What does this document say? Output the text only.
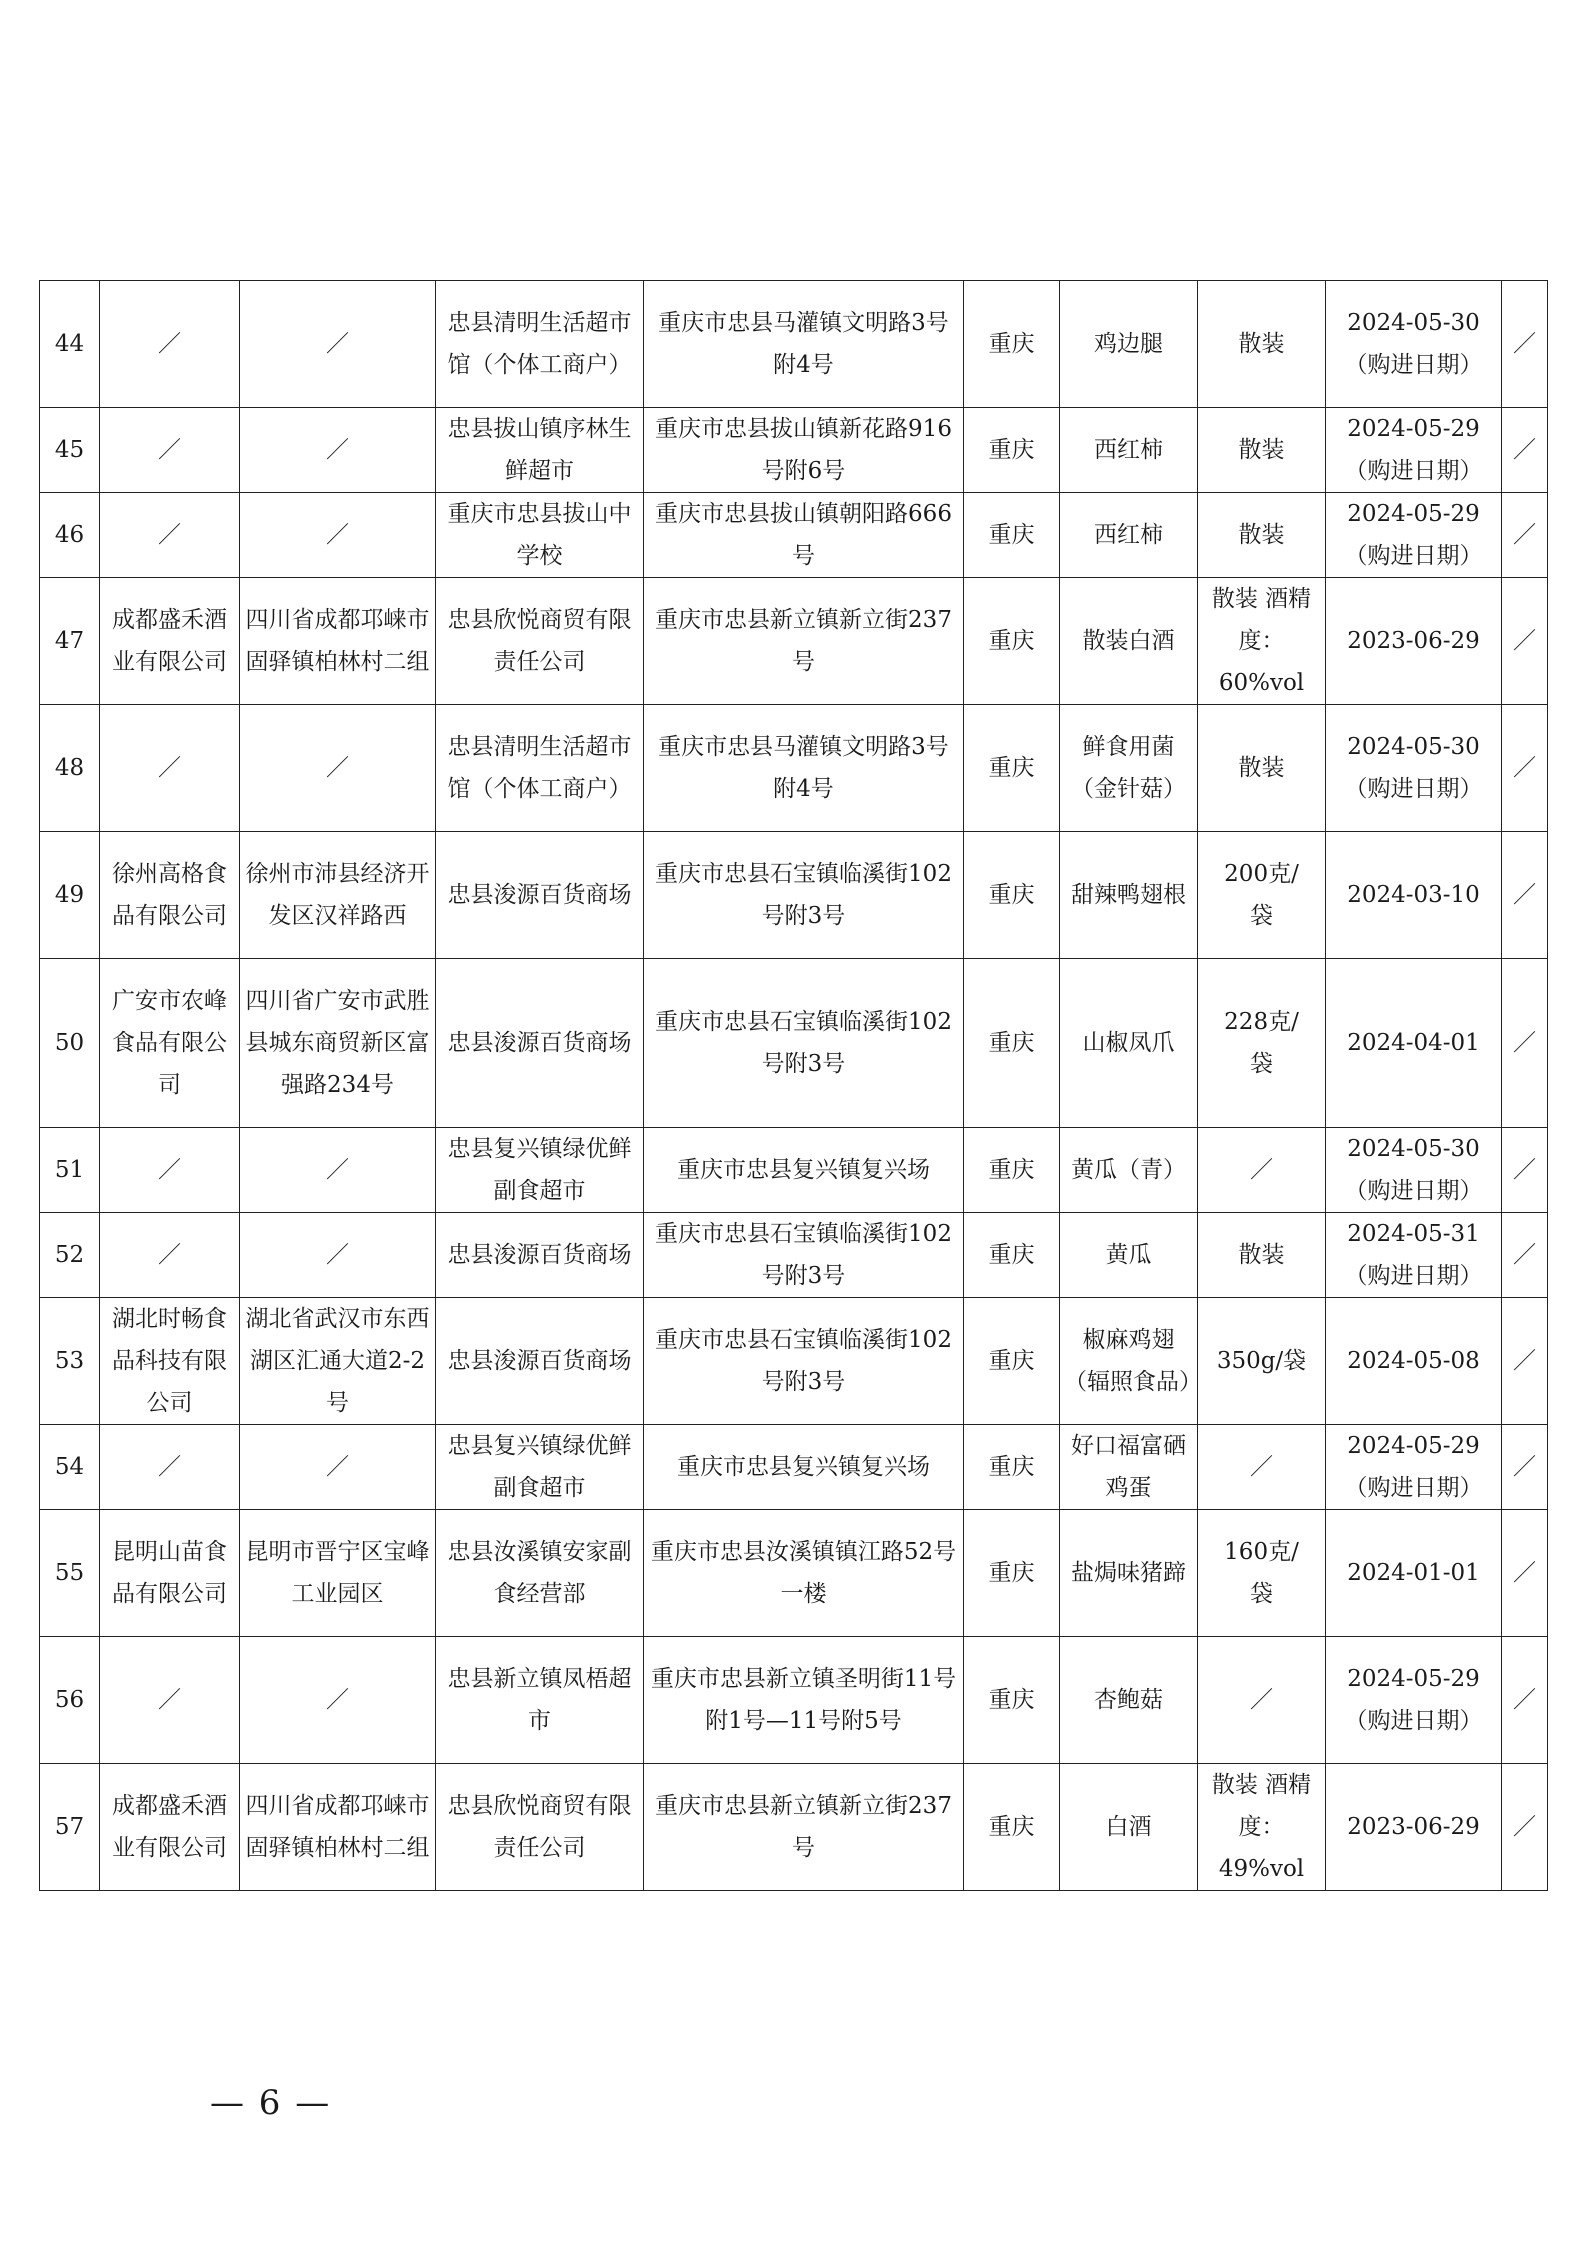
44	／	／	忠县清明生活超市馆（个体工商户）	重庆市忠县马灌镇文明路3号附4号	重庆	鸡边腿	散装	2024-05-30
（购进日期）	／
45	／	／	忠县拔山镇序林生鲜超市	重庆市忠县拔山镇新花路916号附6号	重庆	西红柿	散装	2024-05-29
（购进日期）	／
46	／	／	重庆市忠县拔山中学校	重庆市忠县拔山镇朝阳路666号	重庆	西红柿	散装	2024-05-29
（购进日期）	／
47	成都盛禾酒业有限公司	四川省成都邛崃市固驿镇柏林村二组	忠县欣悦商贸有限责任公司	重庆市忠县新立镇新立街237号	重庆	散装白酒	散装 酒精度：
60%vol	2023-06-29	／
48	／	／	忠县清明生活超市馆（个体工商户）	重庆市忠县马灌镇文明路3号附4号	重庆	鲜食用菌
（金针菇）	散装	2024-05-30
（购进日期）	／
49	徐州高格食品有限公司	徐州市沛县经济开发区汉祥路西	忠县浚源百货商场	重庆市忠县石宝镇临溪街102号附3号	重庆	甜辣鸭翅根	200克/
袋	2024-03-10	／
50	广安市农峰食品有限公司	四川省广安市武胜县城东商贸新区富强路234号	忠县浚源百货商场	重庆市忠县石宝镇临溪街102号附3号	重庆	山椒凤爪	228克/
袋	2024-04-01	／
51	／	／	忠县复兴镇绿优鲜副食超市	重庆市忠县复兴镇复兴场	重庆	黄瓜（青）	／	2024-05-30
（购进日期）	／
52	／	／	忠县浚源百货商场	重庆市忠县石宝镇临溪街102号附3号	重庆	黄瓜	散装	2024-05-31
（购进日期）	／
53	湖北时畅食品科技有限公司	湖北省武汉市东西湖区汇通大道2-2号	忠县浚源百货商场	重庆市忠县石宝镇临溪街102号附3号	重庆	椒麻鸡翅
（辐照食品）	350g/袋	2024-05-08	／
54	／	／	忠县复兴镇绿优鲜副食超市	重庆市忠县复兴镇复兴场	重庆	好口福富硒鸡蛋	／	2024-05-29
（购进日期）	／
55	昆明山苗食品有限公司	昆明市晋宁区宝峰工业园区	忠县汝溪镇安家副食经营部	重庆市忠县汝溪镇镇江路52号一楼	重庆	盐焗味猪蹄	160克/
袋	2024-01-01	／
56	／	／	忠县新立镇凤梧超市	重庆市忠县新立镇圣明街11号附1号—11号附5号	重庆	杏鲍菇	／	2024-05-29
（购进日期）	／
57	成都盛禾酒业有限公司	四川省成都邛崃市固驿镇柏林村二组	忠县欣悦商贸有限责任公司	重庆市忠县新立镇新立街237号	重庆	白酒	散装 酒精度：
49%vol	2023-06-29	／
— 6 —
